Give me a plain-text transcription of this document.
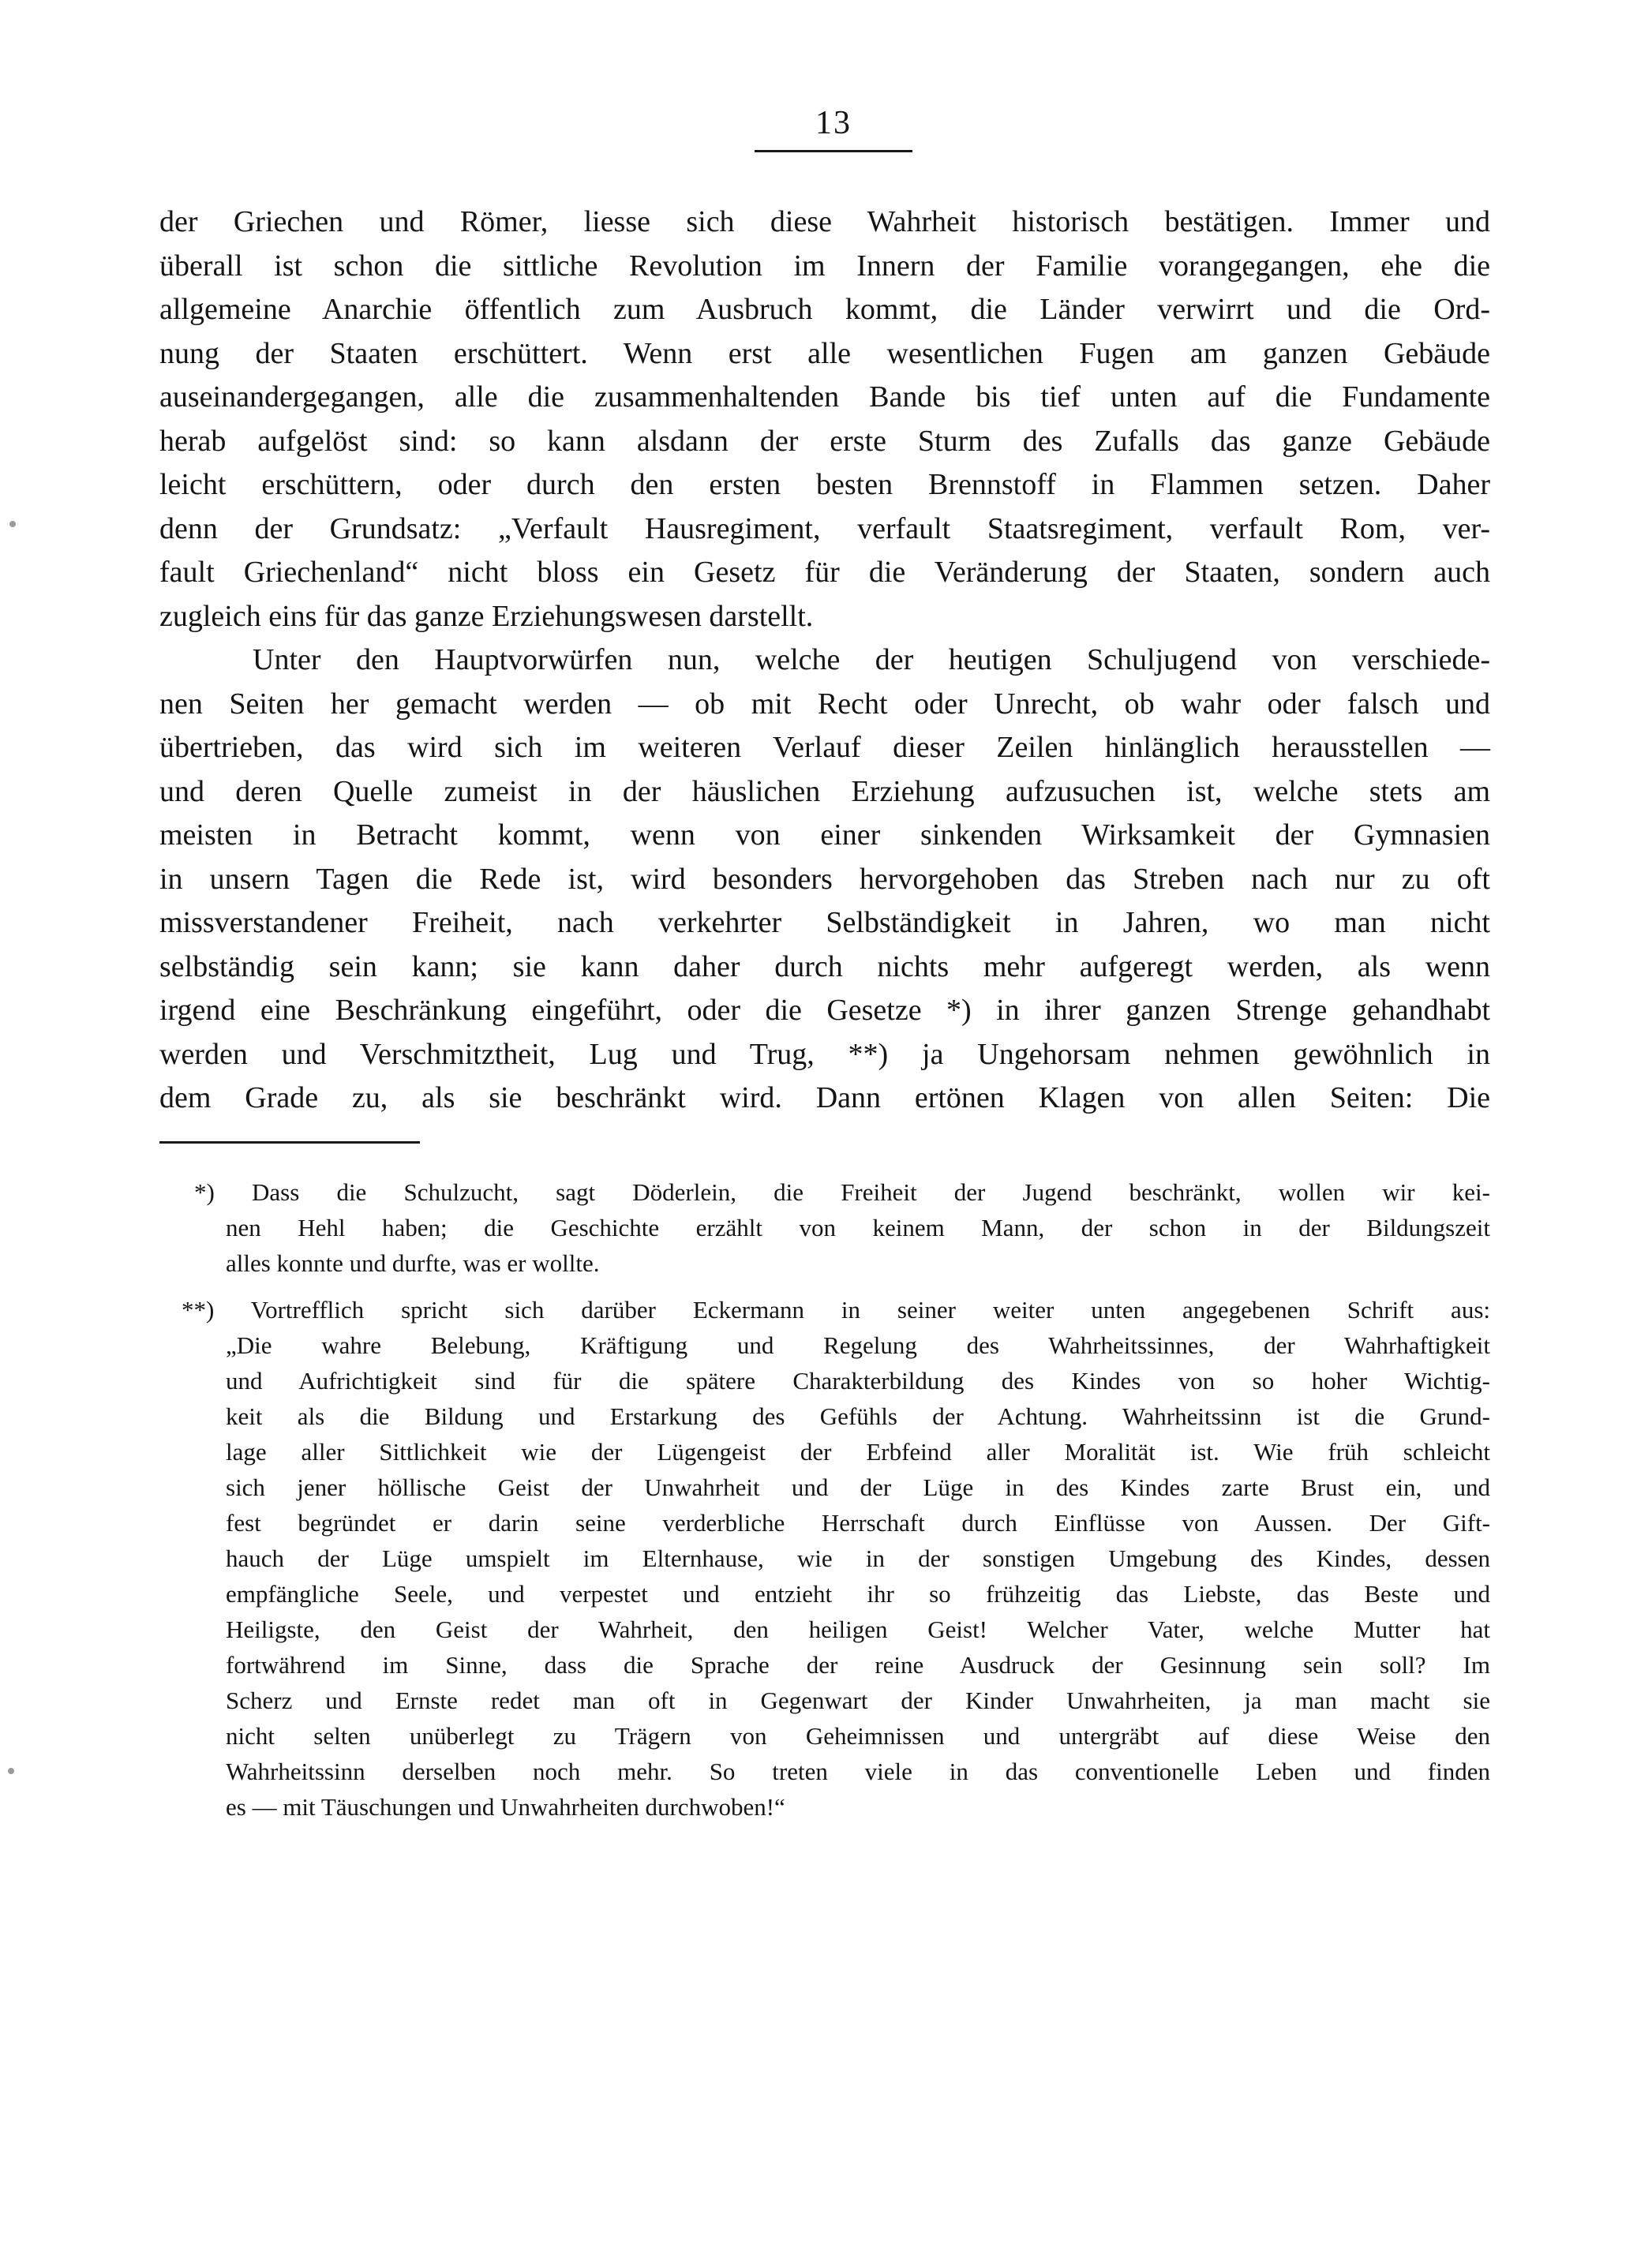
13
der Griechen und Römer, liesse sich diese Wahrheit historisch bestätigen. Immer und
überall ist schon die sittliche Revolution im Innern der Familie vorangegangen, ehe die
allgemeine Anarchie öffentlich zum Ausbruch kommt, die Länder verwirrt und die Ord-
nung der Staaten erschüttert. Wenn erst alle wesentlichen Fugen am ganzen Gebäude
auseinandergegangen, alle die zusammenhaltenden Bande bis tief unten auf die Fundamente
herab aufgelöst sind: so kann alsdann der erste Sturm des Zufalls das ganze Gebäude
leicht erschüttern, oder durch den ersten besten Brennstoff in Flammen setzen. Daher
denn der Grundsatz: „Verfault Hausregiment, verfault Staatsregiment, verfault Rom, ver-
fault Griechenland“ nicht bloss ein Gesetz für die Veränderung der Staaten, sondern auch
zugleich eins für das ganze Erziehungswesen darstellt.
Unter den Hauptvorwürfen nun, welche der heutigen Schuljugend von verschiede-
nen Seiten her gemacht werden — ob mit Recht oder Unrecht, ob wahr oder falsch und
übertrieben, das wird sich im weiteren Verlauf dieser Zeilen hinlänglich herausstellen —
und deren Quelle zumeist in der häuslichen Erziehung aufzusuchen ist, welche stets am
meisten in Betracht kommt, wenn von einer sinkenden Wirksamkeit der Gymnasien
in unsern Tagen die Rede ist, wird besonders hervorgehoben das Streben nach nur zu oft
missverstandener Freiheit, nach verkehrter Selbständigkeit in Jahren, wo man nicht
selbständig sein kann; sie kann daher durch nichts mehr aufgeregt werden, als wenn
irgend eine Beschränkung eingeführt, oder die Gesetze *) in ihrer ganzen Strenge gehandhabt
werden und Verschmitztheit, Lug und Trug, **) ja Ungehorsam nehmen gewöhnlich in
dem Grade zu, als sie beschränkt wird. Dann ertönen Klagen von allen Seiten: Die
*) Dass die Schulzucht, sagt Döderlein, die Freiheit der Jugend beschränkt, wollen wir kei-
nen Hehl haben; die Geschichte erzählt von keinem Mann, der schon in der Bildungszeit
alles konnte und durfte, was er wollte.
**) Vortrefflich spricht sich darüber Eckermann in seiner weiter unten angegebenen Schrift aus:
„Die wahre Belebung, Kräftigung und Regelung des Wahrheitssinnes, der Wahrhaftigkeit
und Aufrichtigkeit sind für die spätere Charakterbildung des Kindes von so hoher Wichtig-
keit als die Bildung und Erstarkung des Gefühls der Achtung. Wahrheitssinn ist die Grund-
lage aller Sittlichkeit wie der Lügengeist der Erbfeind aller Moralität ist. Wie früh schleicht
sich jener höllische Geist der Unwahrheit und der Lüge in des Kindes zarte Brust ein, und
fest begründet er darin seine verderbliche Herrschaft durch Einflüsse von Aussen. Der Gift-
hauch der Lüge umspielt im Elternhause, wie in der sonstigen Umgebung des Kindes, dessen
empfängliche Seele, und verpestet und entzieht ihr so frühzeitig das Liebste, das Beste und
Heiligste, den Geist der Wahrheit, den heiligen Geist! Welcher Vater, welche Mutter hat
fortwährend im Sinne, dass die Sprache der reine Ausdruck der Gesinnung sein soll? Im
Scherz und Ernste redet man oft in Gegenwart der Kinder Unwahrheiten, ja man macht sie
nicht selten unüberlegt zu Trägern von Geheimnissen und untergräbt auf diese Weise den
Wahrheitssinn derselben noch mehr. So treten viele in das conventionelle Leben und finden
es — mit Täuschungen und Unwahrheiten durchwoben!“
